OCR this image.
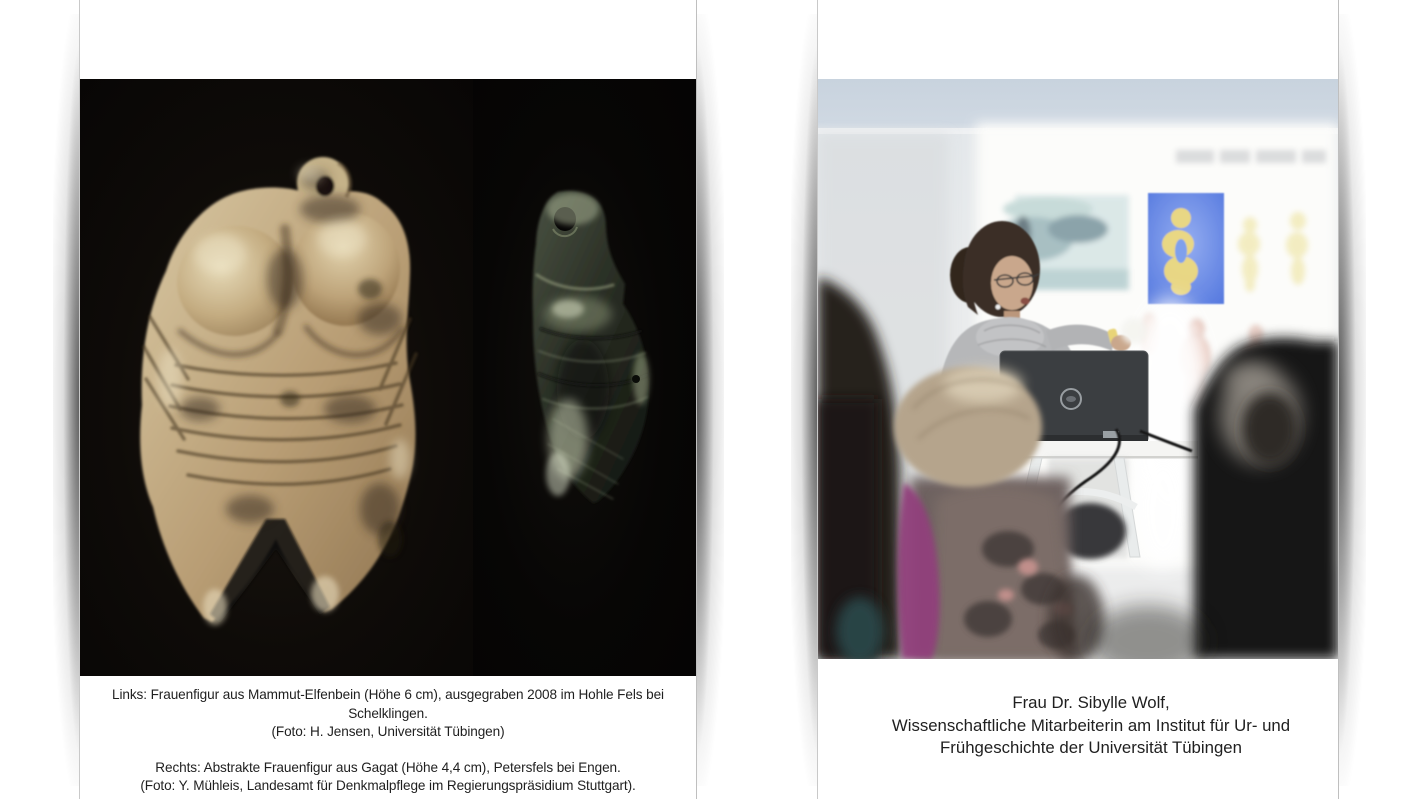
Links: Frauenfigur aus Mammut-Elfenbein (Höhe 6 cm), ausgegraben 2008 im Hohle Fels bei Schelklingen.
(Foto: H. Jensen, Universität Tübingen)
Rechts: Abstrakte Frauenfigur aus Gagat (Höhe 4,4 cm), Petersfels bei Engen.
(Foto: Y. Mühleis, Landesamt für Denkmalpflege im Regierungspräsidium Stuttgart).
Frau Dr. Sibylle Wolf,
Wissenschaftliche Mitarbeiterin am Institut für Ur- und
Frühgeschichte der Universität Tübingen
